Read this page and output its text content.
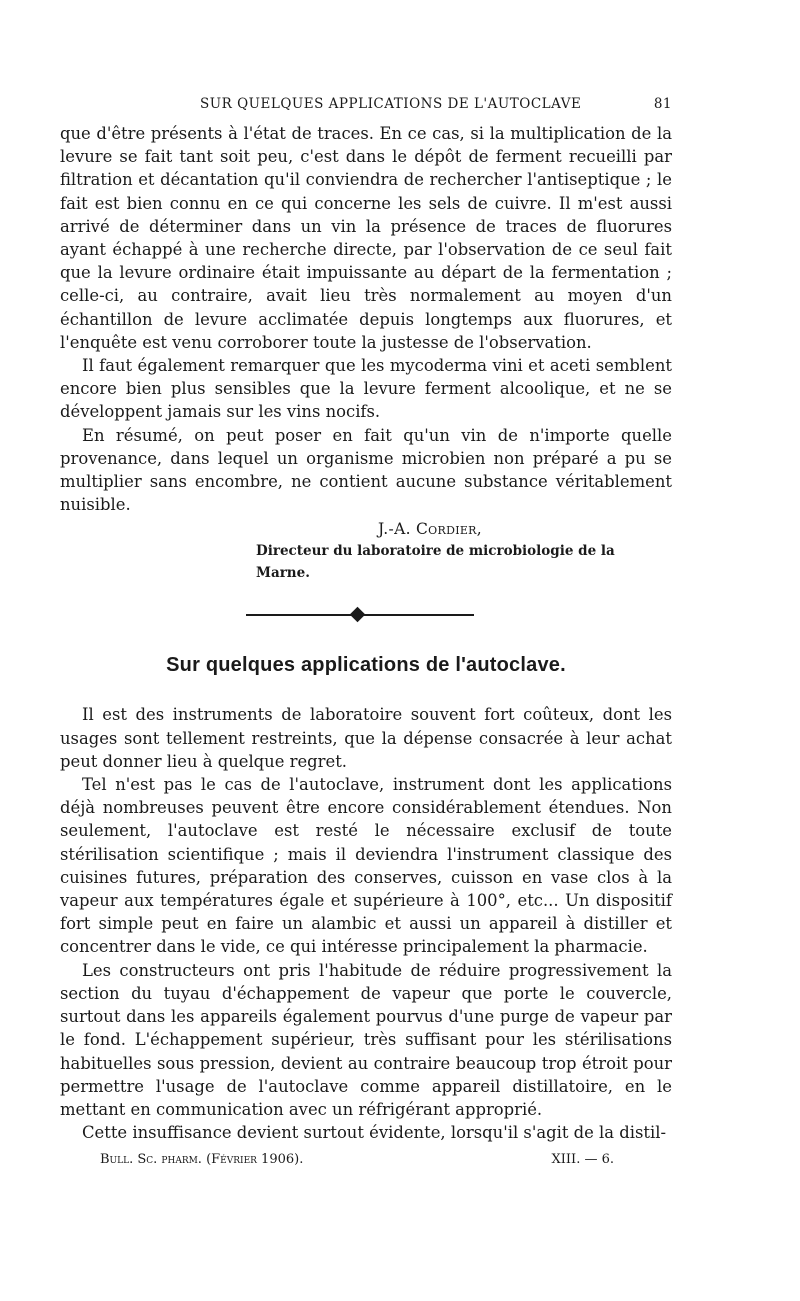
SUR QUELQUES APPLICATIONS DE L'AUTOCLAVE	81

que d'être présents à l'état de traces. En ce cas, si la multiplication de la levure se fait tant soit peu, c'est dans le dépôt de ferment recueilli par filtration et décantation qu'il conviendra de rechercher l'antiseptique ; le fait est bien connu en ce qui concerne les sels de cuivre. Il m'est aussi arrivé de déterminer dans un vin la présence de traces de fluorures ayant échappé à une recherche directe, par l'observation de ce seul fait que la levure ordinaire était impuissante au départ de la fermentation ; celle-ci, au contraire, avait lieu très normalement au moyen d'un échantillon de levure acclimatée depuis longtemps aux fluorures, et l'enquête est venu corroborer toute la justesse de l'observation.

Il faut également remarquer que les mycoderma vini et aceti semblent encore bien plus sensibles que la levure ferment alcoolique, et ne se développent jamais sur les vins nocifs.

En résumé, on peut poser en fait qu'un vin de n'importe quelle provenance, dans lequel un organisme microbien non préparé a pu se multiplier sans encombre, ne contient aucune substance véritablement nuisible.

J.-A. Cordier,
Directeur du laboratoire de microbiologie de la Marne.
Sur quelques applications de l'autoclave.

Il est des instruments de laboratoire souvent fort coûteux, dont les usages sont tellement restreints, que la dépense consacrée à leur achat peut donner lieu à quelque regret.

Tel n'est pas le cas de l'autoclave, instrument dont les applications déjà nombreuses peuvent être encore considérablement étendues. Non seulement, l'autoclave est resté le nécessaire exclusif de toute stérilisation scientifique ; mais il deviendra l'instrument classique des cuisines futures, préparation des conserves, cuisson en vase clos à la vapeur aux températures égale et supérieure à 100°, etc... Un dispositif fort simple peut en faire un alambic et aussi un appareil à distiller et concentrer dans le vide, ce qui intéresse principalement la pharmacie.

Les constructeurs ont pris l'habitude de réduire progressivement la section du tuyau d'échappement de vapeur que porte le couvercle, surtout dans les appareils également pourvus d'une purge de vapeur par le fond. L'échappement supérieur, très suffisant pour les stérilisations habituelles sous pression, devient au contraire beaucoup trop étroit pour permettre l'usage de l'autoclave comme appareil distillatoire, en le mettant en communication avec un réfrigérant approprié.

Cette insuffisance devient surtout évidente, lorsqu'il s'agit de la distil-

Bull. Sc. pharm. (Février 1906).	XIII. — 6.
